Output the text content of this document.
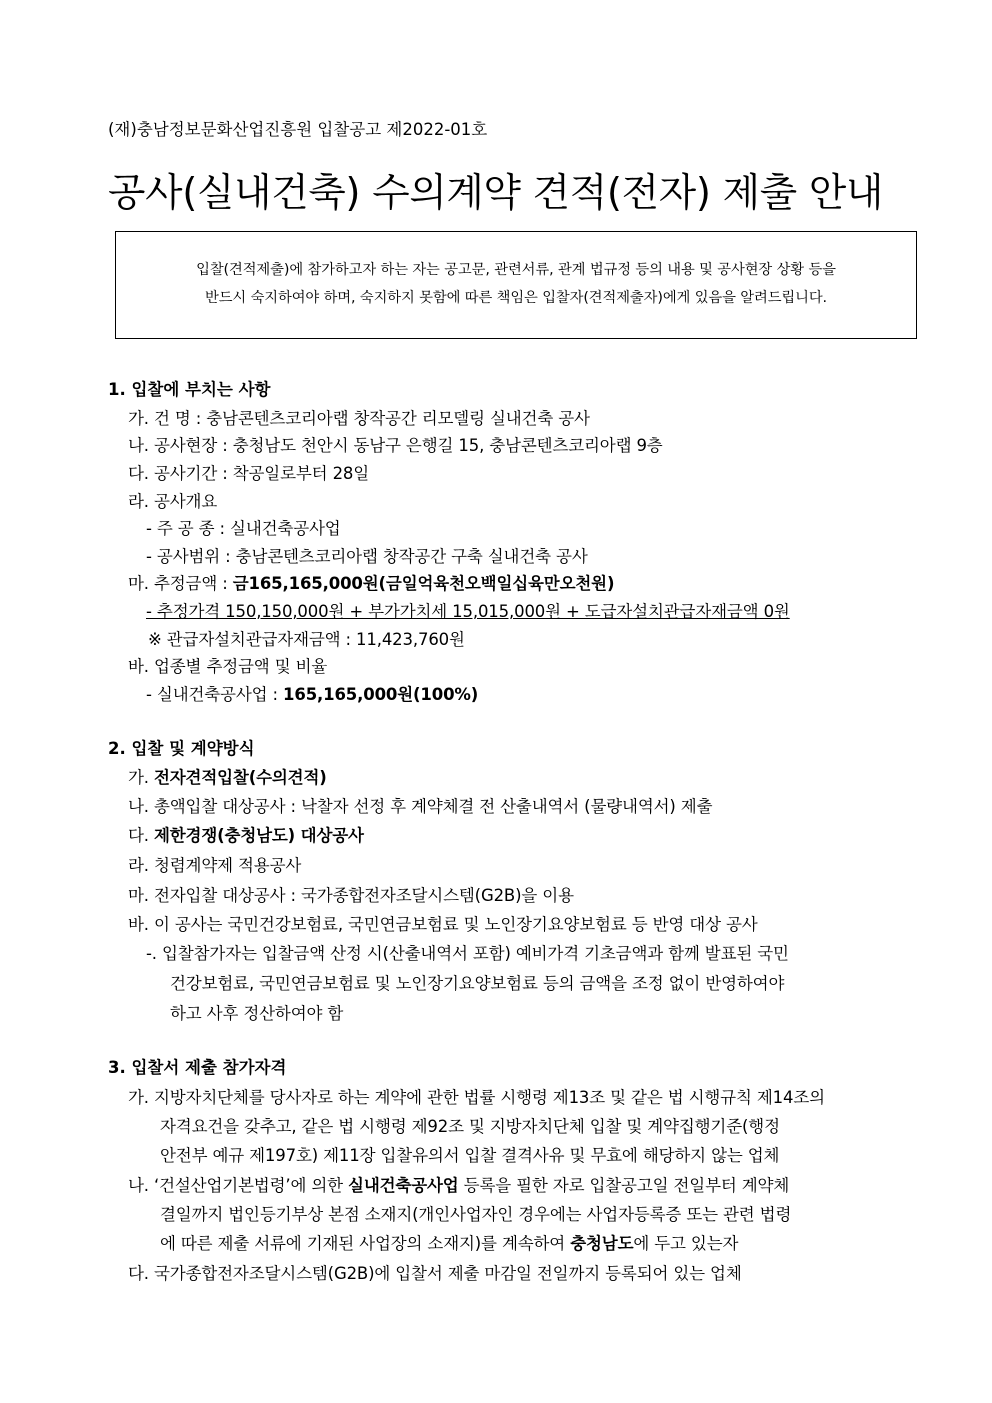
(재)충남정보문화산업진흥원 입찰공고 제2022-01호
공사(실내건축) 수의계약 견적(전자) 제출 안내

입찰(견적제출)에 참가하고자 하는 자는 공고문, 관련서류, 관계 법규정 등의 내용 및 공사현장 상황 등을

반드시 숙지하여야 하며, 숙지하지 못함에 따른 책임은 입찰자(견적제출자)에게 있음을 알려드립니다.

1. 입찰에 부치는 사항
가. 건 명 : 충남콘텐츠코리아랩 창작공간 리모델링 실내건축 공사
나. 공사현장 : 충청남도 천안시 동남구 은행길 15, 충남콘텐츠코리아랩 9층
다. 공사기간 : 착공일로부터 28일
라. 공사개요
- 주 공 종 : 실내건축공사업
- 공사범위 : 충남콘텐츠코리아랩 창작공간 구축 실내건축 공사
마. 추정금액 : 금165,165,000원(금일억육천오백일십육만오천원)
- 추정가격 150,150,000원 + 부가가치세 15,015,000원 + 도급자설치관급자재금액 0원
※ 관급자설치관급자재금액 : 11,423,760원
바. 업종별 추정금액 및 비율
- 실내건축공사업 : 165,165,000원(100%)
2. 입찰 및 계약방식
가. 전자견적입찰(수의견적)
나. 총액입찰 대상공사 : 낙찰자 선정 후 계약체결 전 산출내역서 (물량내역서) 제출
다. 제한경쟁(충청남도) 대상공사
라. 청렴계약제 적용공사
마. 전자입찰 대상공사 : 국가종합전자조달시스템(G2B)을 이용
바. 이 공사는 국민건강보험료, 국민연금보험료 및 노인장기요양보험료 등 반영 대상 공사
-. 입찰참가자는 입찰금액 산정 시(산출내역서 포함) 예비가격 기초금액과 함께 발표된 국민
건강보험료, 국민연금보험료 및 노인장기요양보험료 등의 금액을 조정 없이 반영하여야
하고 사후 정산하여야 함
3. 입찰서 제출 참가자격
가. 지방자치단체를 당사자로 하는 계약에 관한 법률 시행령 제13조 및 같은 법 시행규칙 제14조의
자격요건을 갖추고, 같은 법 시행령 제92조 및 지방자치단체 입찰 및 계약집행기준(행정
안전부 예규 제197호) 제11장 입찰유의서 입찰 결격사유 및 무효에 해당하지 않는 업체
나. ‘건설산업기본법령’에 의한 실내건축공사업 등록을 필한 자로 입찰공고일 전일부터 계약체
결일까지 법인등기부상 본점 소재지(개인사업자인 경우에는 사업자등록증 또는 관련 법령
에 따른 제출 서류에 기재된 사업장의 소재지)를 계속하여 충청남도에 두고 있는자
다. 국가종합전자조달시스템(G2B)에 입찰서 제출 마감일 전일까지 등록되어 있는 업체
